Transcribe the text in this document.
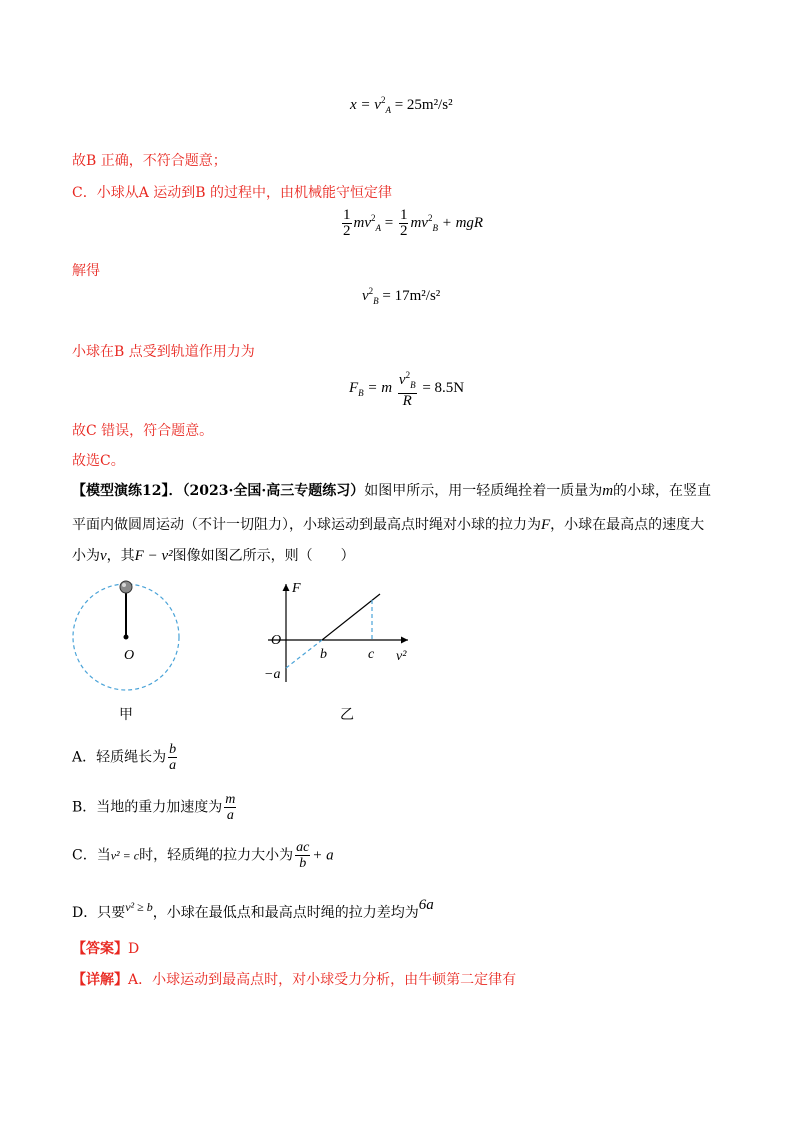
$x = v^2_A = 25m^2/s^2$
故B 正确，不符合题意；
C．小球从A 运动到B 的过程中，由机械能守恒定律
$\frac{1}{2} mv^2_A = \frac{1}{2} mv^2_B$ + mgR
解得
$v^2_B = 17m^2/s^2$
小球在B 点受到轨道作用力为
$F_B = m \frac{v^2_B}{R} = 8.5N$
故C 错误，符合题意。
故选C。
【模型演练12】．（2023·全国·高三专题练习）如图甲所示，用一轻质绳拴着一质量为m的小球，在竖直
平面内做圆周运动（不计一切阻力），小球运动到最高点时绳对小球的拉力为F，小球在最高点的速度大
小为v，其F − v²图像如图乙所示，则（　　）
O
甲
F
O
b	c v²
−a
乙
A．轻质绳长为 $\frac{b}{a}$
B．当地的重力加速度为 $\frac{m}{a}$
C．当v² = c时，轻质绳的拉力大小为 $\frac{ac}{b} + a$
D．只要v² ≥ b，小球在最低点和最高点时绳的拉力差均为6a
【答案】D
【详解】A．小球运动到最高点时，对小球受力分析，由牛顿第二定律有
